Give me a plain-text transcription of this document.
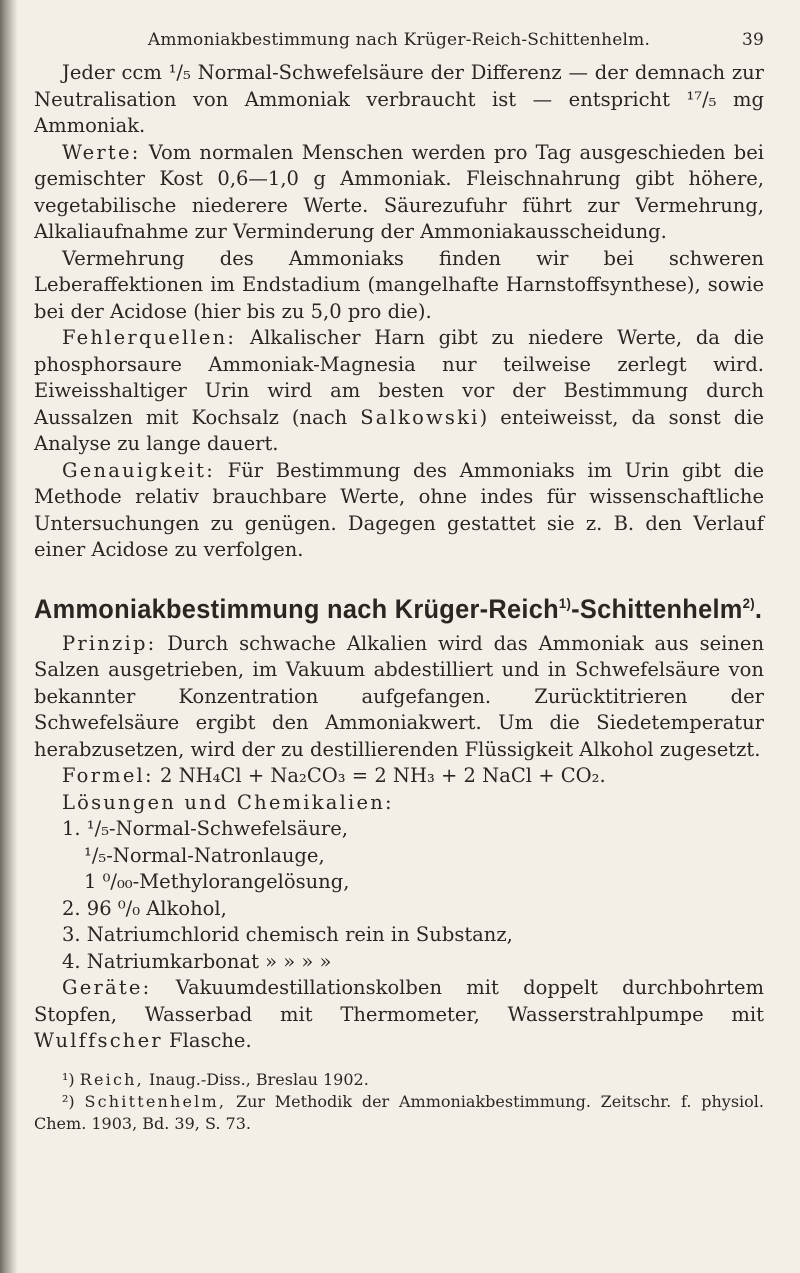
Ammoniakbestimmung nach Krüger-Reich-Schittenhelm.	39

Jeder ccm ¹/₅ Normal-Schwefelsäure der Differenz — der demnach zur Neutralisation von Ammoniak verbraucht ist — entspricht ¹⁷/₅ mg Ammoniak.

Werte: Vom normalen Menschen werden pro Tag ausgeschieden bei gemischter Kost 0,6—1,0 g Ammoniak. Fleischnahrung gibt höhere, vegetabilische niederere Werte. Säurezufuhr führt zur Vermehrung, Alkaliaufnahme zur Verminderung der Ammoniakausscheidung.

Vermehrung des Ammoniaks finden wir bei schweren Leberaffektionen im Endstadium (mangelhafte Harnstoffsynthese), sowie bei der Acidose (hier bis zu 5,0 pro die).

Fehlerquellen: Alkalischer Harn gibt zu niedere Werte, da die phosphorsaure Ammoniak-Magnesia nur teilweise zerlegt wird. Eiweisshaltiger Urin wird am besten vor der Bestimmung durch Aussalzen mit Kochsalz (nach Salkowski) enteiweisst, da sonst die Analyse zu lange dauert.

Genauigkeit: Für Bestimmung des Ammoniaks im Urin gibt die Methode relativ brauchbare Werte, ohne indes für wissenschaftliche Untersuchungen zu genügen. Dagegen gestattet sie z. B. den Verlauf einer Acidose zu verfolgen.

Ammoniakbestimmung nach Krüger-Reich$^{1)}$-Schittenhelm$^{2)}$.

Prinzip: Durch schwache Alkalien wird das Ammoniak aus seinen Salzen ausgetrieben, im Vakuum abdestilliert und in Schwefelsäure von bekannter Konzentration aufgefangen. Zurücktitrieren der Schwefelsäure ergibt den Ammoniakwert. Um die Siedetemperatur herabzusetzen, wird der zu destillierenden Flüssigkeit Alkohol zugesetzt.

Formel: 2 NH₄Cl + Na₂CO₃ = 2 NH₃ + 2 NaCl + CO₂.

Lösungen und Chemikalien:

1. ¹/₅-Normal-Schwefelsäure,
¹/₅-Normal-Natronlauge,
1 ⁰/₀₀-Methylorangelösung,
2. 96 ⁰/₀ Alkohol,
3. Natriumchlorid chemisch rein in Substanz,
4. Natriumkarbonat » » » »

Geräte: Vakuumdestillationskolben mit doppelt durchbohrtem Stopfen, Wasserbad mit Thermometer, Wasserstrahlpumpe mit Wulffscher Flasche.

¹) Reich, Inaug.-Diss., Breslau 1902.

²) Schittenhelm, Zur Methodik der Ammoniakbestimmung. Zeitschr. f. physiol. Chem. 1903, Bd. 39, S. 73.
